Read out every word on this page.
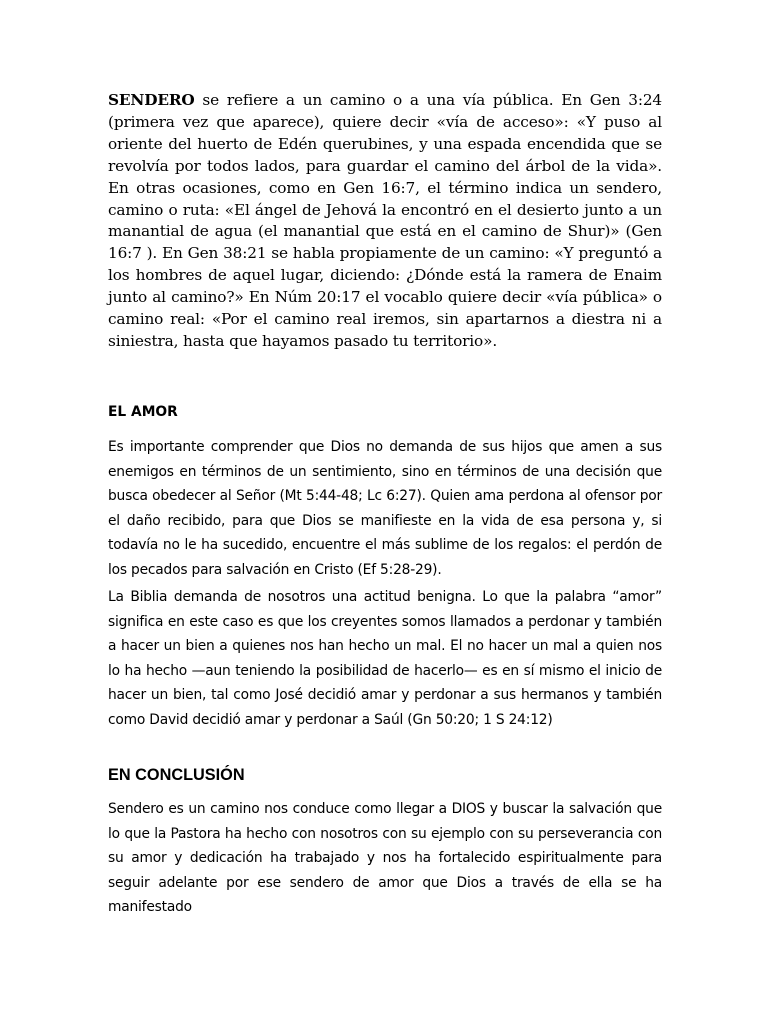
SENDERO se refiere a un camino o a una vía pública. En Gen 3:24 (primera vez que aparece), quiere decir «vía de acceso»: «Y puso al oriente del huerto de Edén querubines, y una espada encendida que se revolvía por todos lados, para guardar el camino del árbol de la vida». En otras ocasiones, como en Gen 16:7, el término indica un sendero, camino o ruta: «El ángel de Jehová la encontró en el desierto junto a un manantial de agua (el manantial que está en el camino de Shur)» (Gen 16:7 ). En Gen 38:21 se habla propiamente de un camino: «Y preguntó a los hombres de aquel lugar, diciendo: ¿Dónde está la ramera de Enaim junto al camino?» En Núm 20:17 el vocablo quiere decir «vía pública» o camino real: «Por el camino real iremos, sin apartarnos a diestra ni a siniestra, hasta que hayamos pasado tu territorio».

EL AMOR

Es importante comprender que Dios no demanda de sus hijos que amen a sus enemigos en términos de un sentimiento, sino en términos de una decisión que busca obedecer al Señor (Mt 5:44-48; Lc 6:27). Quien ama perdona al ofensor por el daño recibido, para que Dios se manifieste en la vida de esa persona y, si todavía no le ha sucedido, encuentre el más sublime de los regalos: el perdón de los pecados para salvación en Cristo (Ef 5:28-29).

La Biblia demanda de nosotros una actitud benigna. Lo que la palabra “amor” significa en este caso es que los creyentes somos llamados a perdonar y también a hacer un bien a quienes nos han hecho un mal. El no hacer un mal a quien nos lo ha hecho —aun teniendo la posibilidad de hacerlo— es en sí mismo el inicio de hacer un bien, tal como José decidió amar y perdonar a sus hermanos y también como David decidió amar y perdonar a Saúl (Gn 50:20; 1 S 24:12)

EN CONCLUSIÓN

Sendero es un camino nos conduce como llegar a DIOS y buscar la salvación que lo que la Pastora ha hecho con nosotros con su ejemplo con su perseverancia con su amor y dedicación ha trabajado y nos ha fortalecido espiritualmente para seguir adelante por ese sendero de amor que Dios a través de ella se ha manifestado
